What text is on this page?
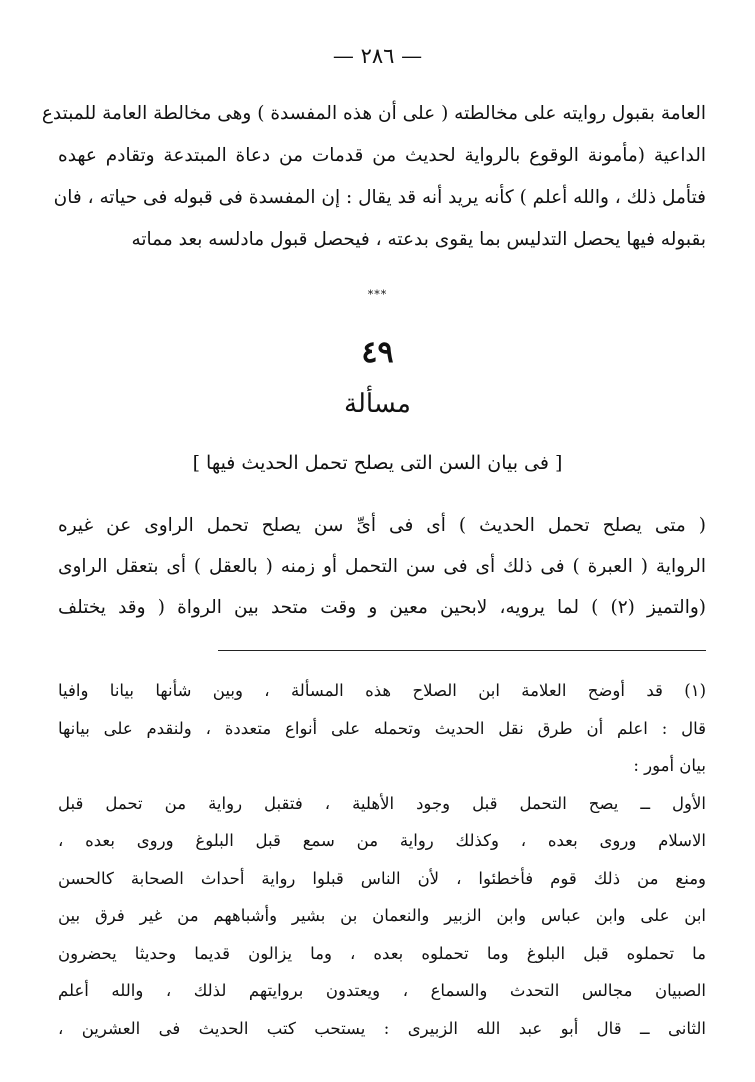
— ٢٨٦ —
العامة بقبول روايته على مخالطته ( على أن هذه المفسدة ) وهى مخالطة العامة للمبتدع
الداعية (مأمونة الوقوع بالرواية لحديث من قدمات من دعاة المبتدعة وتقادم عهده
فتأمل ذلك ، والله أعلم ) كأنه يريد أنه قد يقال : إن المفسدة فى قبوله فى حياته ، فان
بقبوله فيها يحصل التدليس بما يقوى بدعته ، فيحصل قبول مادلسه بعد مماته
***
٤٩
مسألة
[ فى بيان السن التى يصلح تحمل الحديث فيها ]
( متى يصلح تحمل الحديث ) أى فى أىِّ سن يصلح تحمل الراوى عن غيره
الرواية ( العبرة ) فى ذلك أى فى سن التحمل أو زمنه ( بالعقل ) أى بتعقل الراوى
(والتميز (٢) ) لما يرويه، لابحين معين و وقت متحد بين الرواة ( وقد يختلف
(١) قد أوضح العلامة ابن الصلاح هذه المسألة ، وبين شأنها بيانا وافيا
قال : اعلم أن طرق نقل الحديث وتحمله على أنواع متعددة ، ولنقدم على بيانها
بيان أمور :
الأول ــ يصح التحمل قبل وجود الأهلية ، فتقبل رواية من تحمل قبل
الاسلام وروى بعده ، وكذلك رواية من سمع قبل البلوغ وروى بعده ،
ومنع من ذلك قوم فأخطئوا ، لأن الناس قبلوا رواية أحداث الصحابة كالحسن
ابن على وابن عباس وابن الزبير والنعمان بن بشير وأشباههم من غير فرق بين
ما تحملوه قبل البلوغ وما تحملوه بعده ، وما يزالون قديما وحديثا يحضرون
الصبيان مجالس التحدث والسماع ، ويعتدون بروايتهم لذلك ، والله أعلم
الثانى ــ قال أبو عبد الله الزبيرى : يستحب كتب الحديث فى العشرين ،
